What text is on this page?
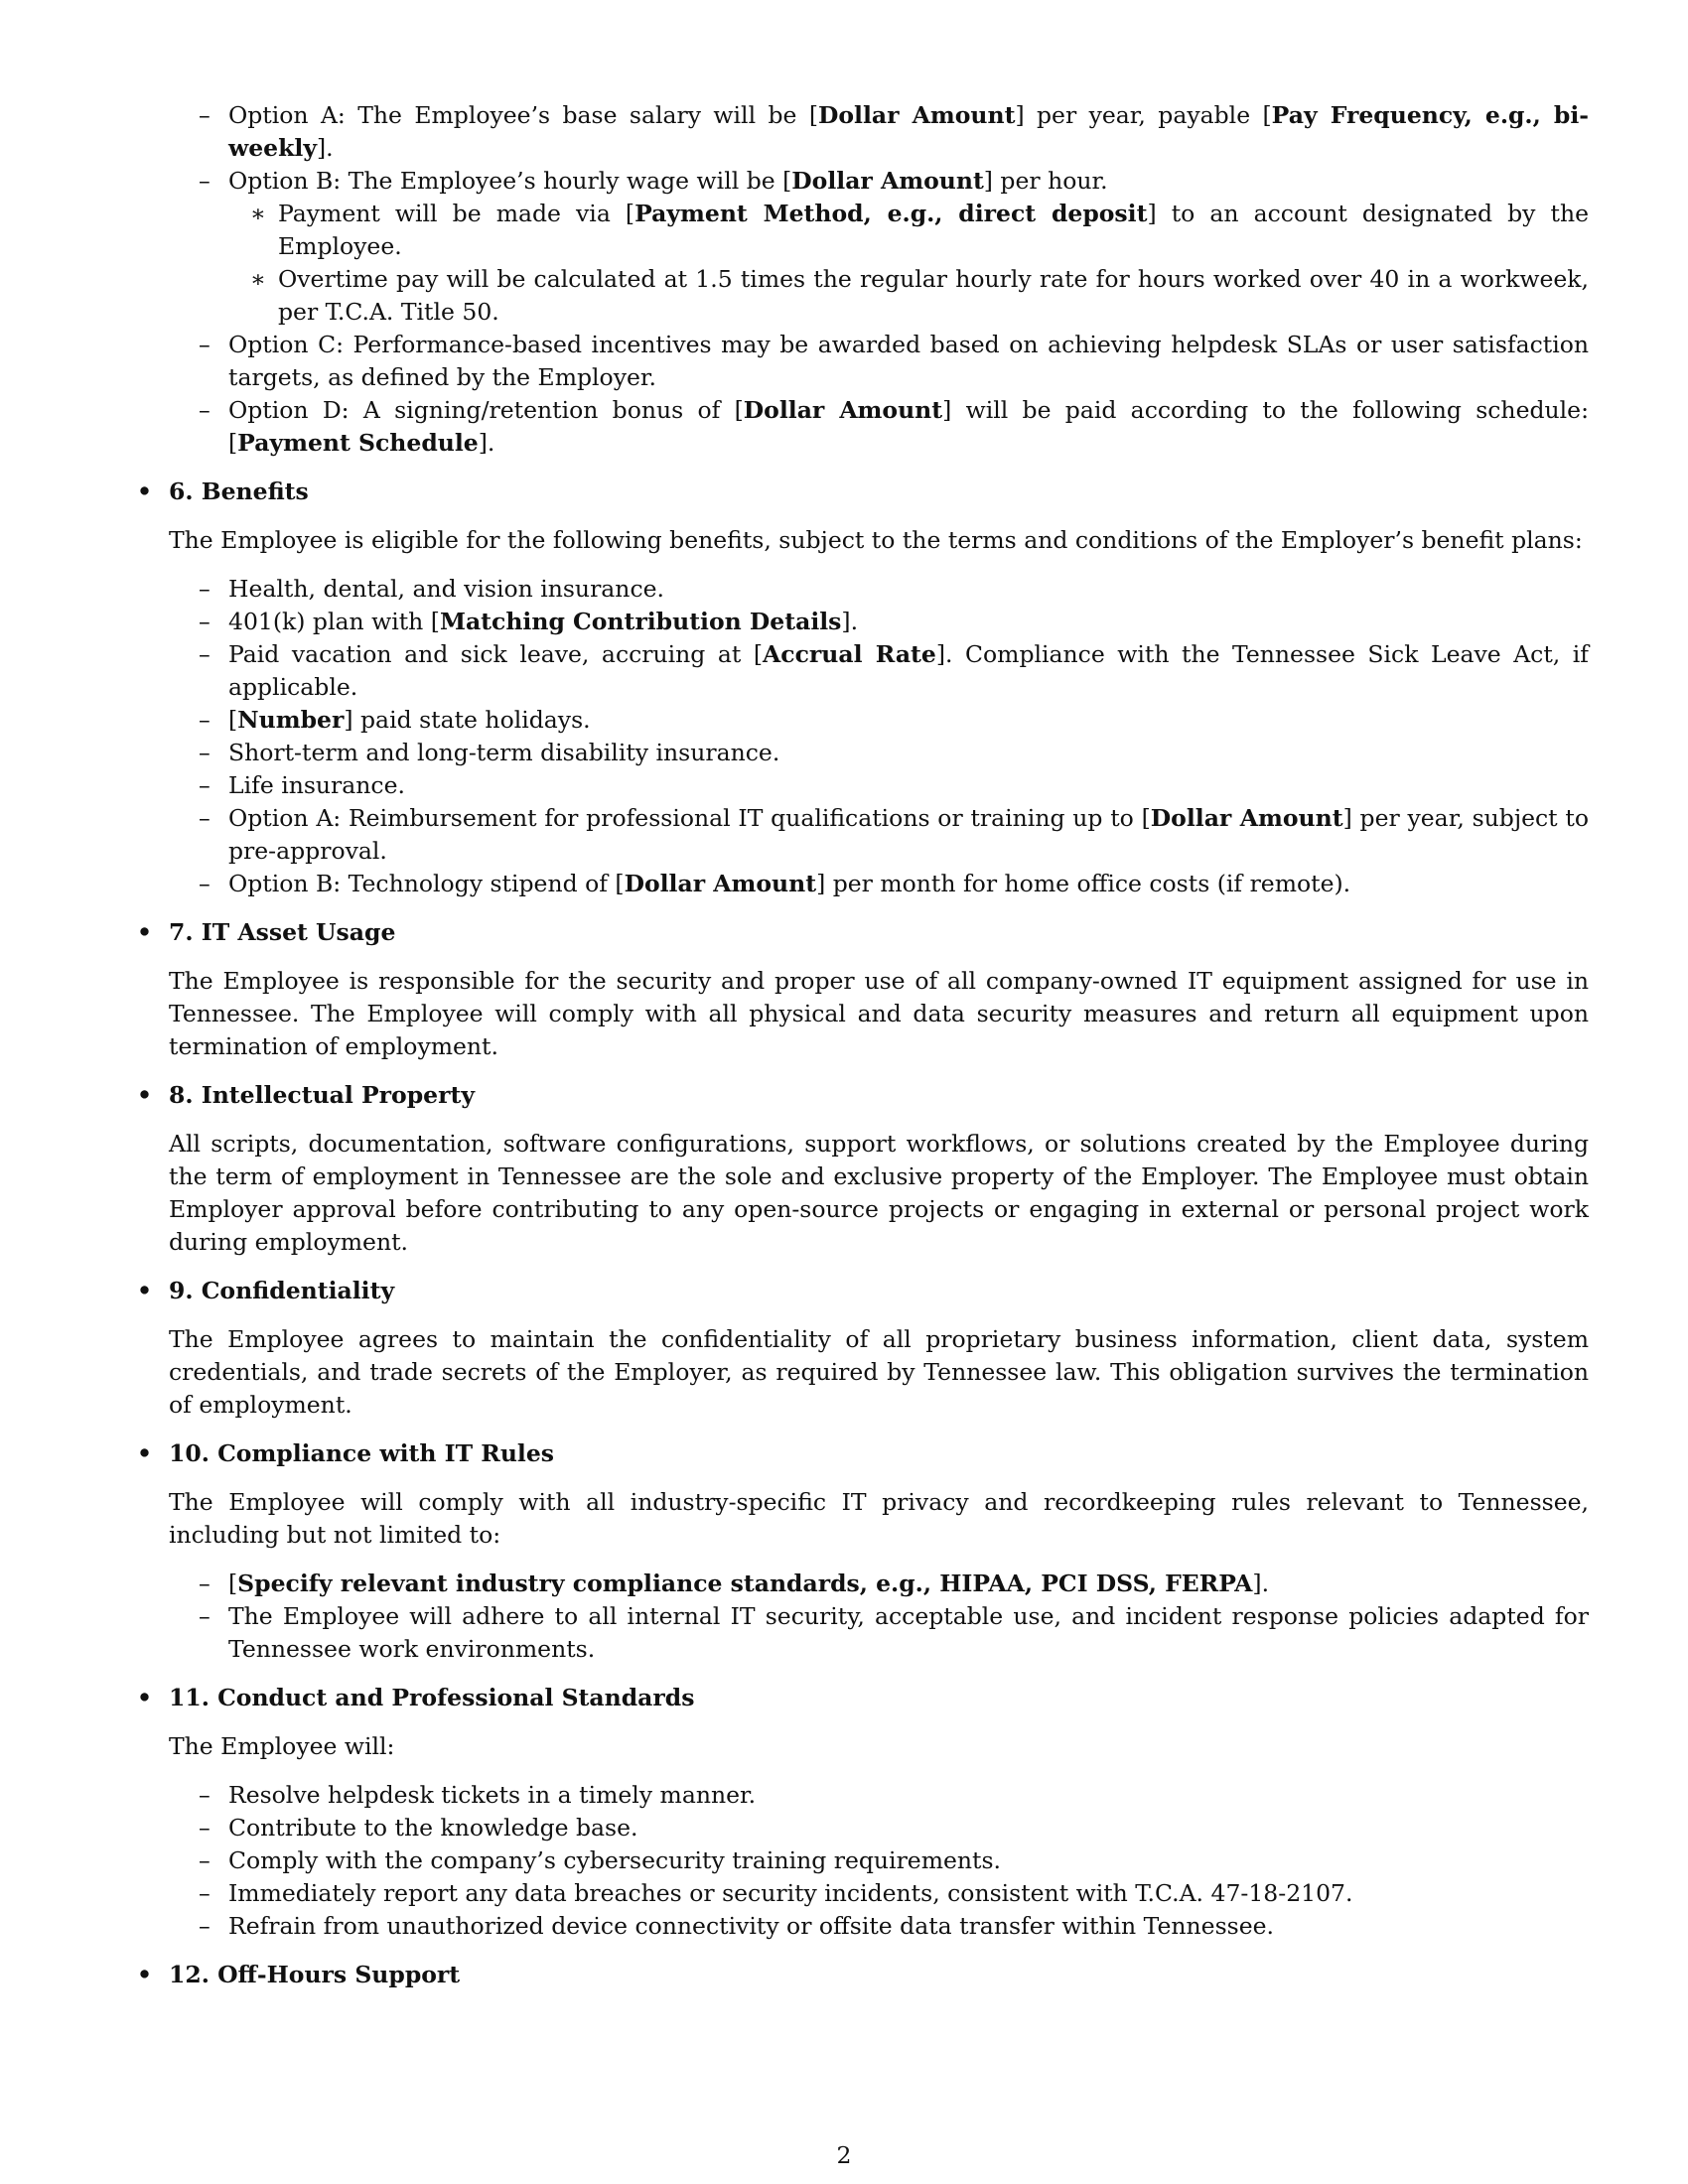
– Option A: The Employee’s base salary will be [Dollar Amount] per year, payable [Pay Frequency, e.g., bi-weekly].
– Option B: The Employee’s hourly wage will be [Dollar Amount] per hour.
∗ Payment will be made via [Payment Method, e.g., direct deposit] to an account designated by the Employee.
∗ Overtime pay will be calculated at 1.5 times the regular hourly rate for hours worked over 40 in a workweek, per T.C.A. Title 50.
– Option C: Performance-based incentives may be awarded based on achieving helpdesk SLAs or user satisfaction targets, as defined by the Employer.
– Option D: A signing/retention bonus of [Dollar Amount] will be paid according to the following schedule: [Payment Schedule].
• 6. Benefits
The Employee is eligible for the following benefits, subject to the terms and conditions of the Employer’s benefit plans:
– Health, dental, and vision insurance.
– 401(k) plan with [Matching Contribution Details].
– Paid vacation and sick leave, accruing at [Accrual Rate]. Compliance with the Tennessee Sick Leave Act, if applicable.
– [Number] paid state holidays.
– Short-term and long-term disability insurance.
– Life insurance.
– Option A: Reimbursement for professional IT qualifications or training up to [Dollar Amount] per year, subject to pre-approval.
– Option B: Technology stipend of [Dollar Amount] per month for home office costs (if remote).
• 7. IT Asset Usage
The Employee is responsible for the security and proper use of all company-owned IT equipment assigned for use in Tennessee. The Employee will comply with all physical and data security measures and return all equipment upon termination of employment.
• 8. Intellectual Property
All scripts, documentation, software configurations, support workflows, or solutions created by the Employee during the term of employment in Tennessee are the sole and exclusive property of the Employer. The Employee must obtain Employer approval before contributing to any open-source projects or engaging in external or personal project work during employment.
• 9. Confidentiality
The Employee agrees to maintain the confidentiality of all proprietary business information, client data, system credentials, and trade secrets of the Employer, as required by Tennessee law. This obligation survives the termination of employment.
• 10. Compliance with IT Rules
The Employee will comply with all industry-specific IT privacy and recordkeeping rules relevant to Tennessee, including but not limited to:
– [Specify relevant industry compliance standards, e.g., HIPAA, PCI DSS, FERPA].
– The Employee will adhere to all internal IT security, acceptable use, and incident response policies adapted for Tennessee work environments.
• 11. Conduct and Professional Standards
The Employee will:
– Resolve helpdesk tickets in a timely manner.
– Contribute to the knowledge base.
– Comply with the company’s cybersecurity training requirements.
– Immediately report any data breaches or security incidents, consistent with T.C.A. 47-18-2107.
– Refrain from unauthorized device connectivity or offsite data transfer within Tennessee.
• 12. Off-Hours Support
2
